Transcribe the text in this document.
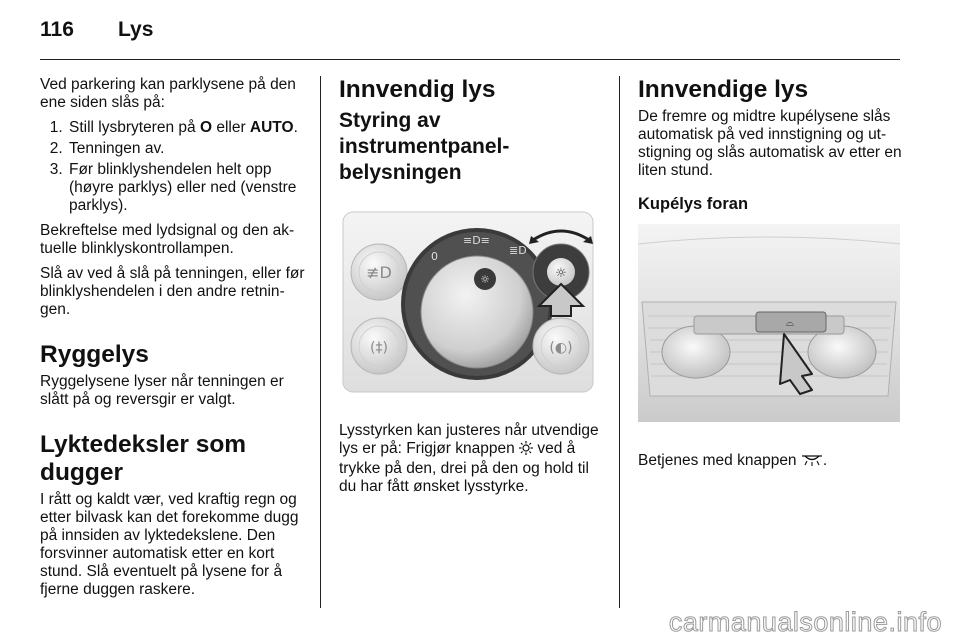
116 Lys

Ved parkering kan parklysene på den ene siden slås på:

1. Still lysbryteren på O eller AUTO.
2. Tenningen av.
3. Før blinklyshendelen helt opp (høyre parklys) eller ned (venstre parklys).

Bekreftelse med lydsignal og den aktuelle blinklyskontrollampen.

Slå av ved å slå på tenningen, eller før blinklyshendelen i den andre retningen.

Ryggelys

Ryggelysene lyser når tenningen er slått på og reversgir er valgt.

Lyktedeksler som dugger

I rått og kaldt vær, ved kraftig regn og etter bilvask kan det forekomme dugg på innsiden av lyktedekslene. Den forsvinner automatisk etter en kort stund. Slå eventuelt på lysene for å fjerne duggen raskere.

Innvendig lys
Styring av instrumentpanelbelysningen
≢D
(‡)
0
≡D≡
≣D
☼	☼
(◐)

Lysstyrken kan justeres når utvendige lys er på: Frigjør knappen  ved å trykke på den, drei på den og hold til du har fått ønsket lysstyrke.

Innvendige lys

De fremre og midtre kupélysene slås automatisk på ved innstigning og utstigning og slås automatisk av etter en liten stund.

Kupélys foran
⌓

Betjenes med knappen .

carmanualsonline.info
